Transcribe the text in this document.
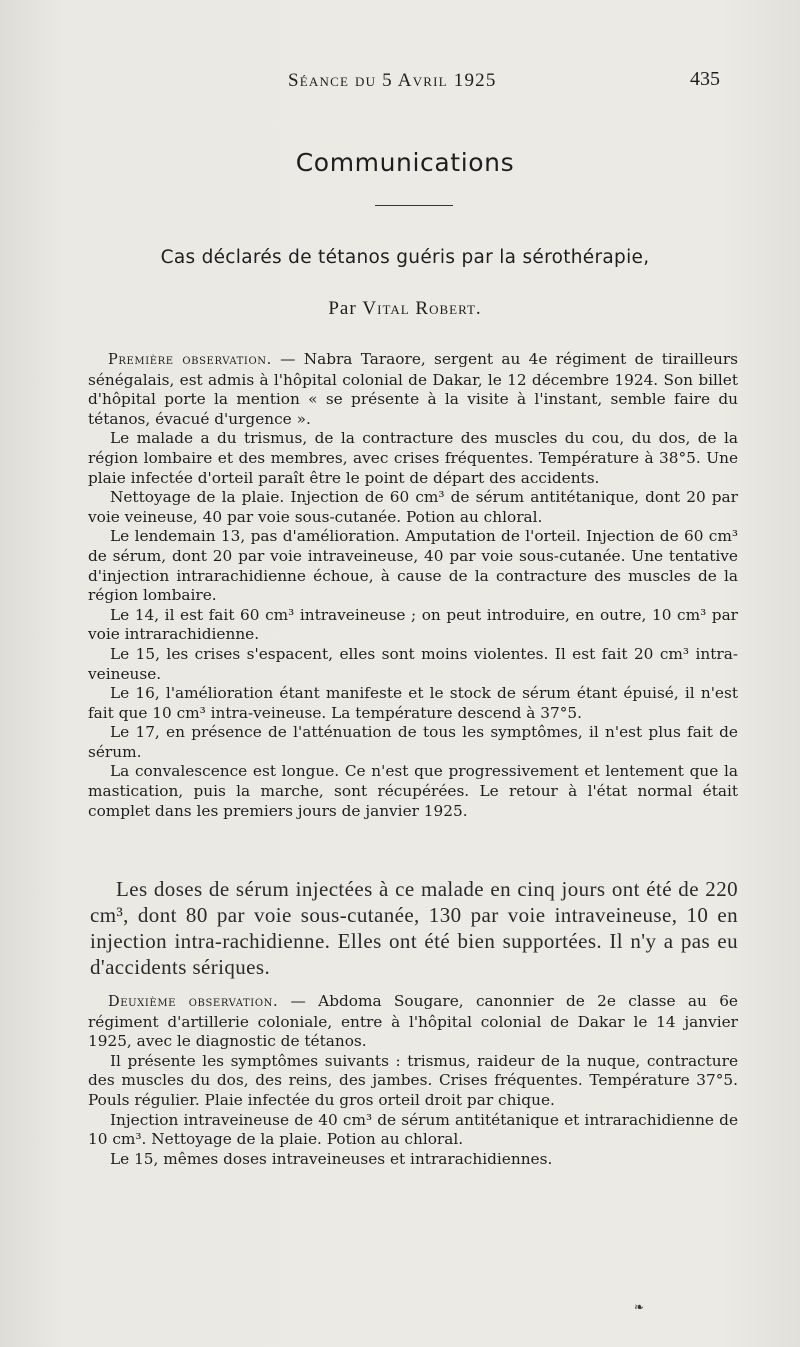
Séance du 5 Avril 1925	435
Communications
Cas déclarés de tétanos guéris par la sérothérapie,
Par Vital Robert.

Première observation. — Nabra Taraore, sergent au 4e régiment de tirailleurs sénégalais, est admis à l'hôpital colonial de Dakar, le 12 décembre 1924. Son billet d'hôpital porte la mention « se présente à la visite à l'instant, semble faire du tétanos, évacué d'urgence ».

Le malade a du trismus, de la contracture des muscles du cou, du dos, de la région lombaire et des membres, avec crises fréquentes. Température à 38°5. Une plaie infectée d'orteil paraît être le point de départ des accidents.

Nettoyage de la plaie. Injection de 60 cm³ de sérum antitétanique, dont 20 par voie veineuse, 40 par voie sous-cutanée. Potion au chloral.

Le lendemain 13, pas d'amélioration. Amputation de l'orteil. Injection de 60 cm³ de sérum, dont 20 par voie intraveineuse, 40 par voie sous-cutanée. Une tentative d'injection intrarachidienne échoue, à cause de la contracture des muscles de la région lombaire.

Le 14, il est fait 60 cm³ intraveineuse ; on peut introduire, en outre, 10 cm³ par voie intrarachidienne.

Le 15, les crises s'espacent, elles sont moins violentes. Il est fait 20 cm³ intra-veineuse.

Le 16, l'amélioration étant manifeste et le stock de sérum étant épuisé, il n'est fait que 10 cm³ intra-veineuse. La température descend à 37°5.

Le 17, en présence de l'atténuation de tous les symptômes, il n'est plus fait de sérum.

La convalescence est longue. Ce n'est que progressivement et lentement que la mastication, puis la marche, sont récupérées. Le retour à l'état normal était complet dans les premiers jours de janvier 1925.

Les doses de sérum injectées à ce malade en cinq jours ont été de 220 cm³, dont 80 par voie sous-cutanée, 130 par voie intraveineuse, 10 en injection intra-rachidienne. Elles ont été bien supportées. Il n'y a pas eu d'accidents sériques.

Deuxième observation. — Abdoma Sougare, canonnier de 2e classe au 6e régiment d'artillerie coloniale, entre à l'hôpital colonial de Dakar le 14 janvier 1925, avec le diagnostic de tétanos.

Il présente les symptômes suivants : trismus, raideur de la nuque, contracture des muscles du dos, des reins, des jambes. Crises fréquentes. Température 37°5. Pouls régulier. Plaie infectée du gros orteil droit par chique.

Injection intraveineuse de 40 cm³ de sérum antitétanique et intrarachidienne de 10 cm³. Nettoyage de la plaie. Potion au chloral.

Le 15, mêmes doses intraveineuses et intrarachidiennes.

❧
